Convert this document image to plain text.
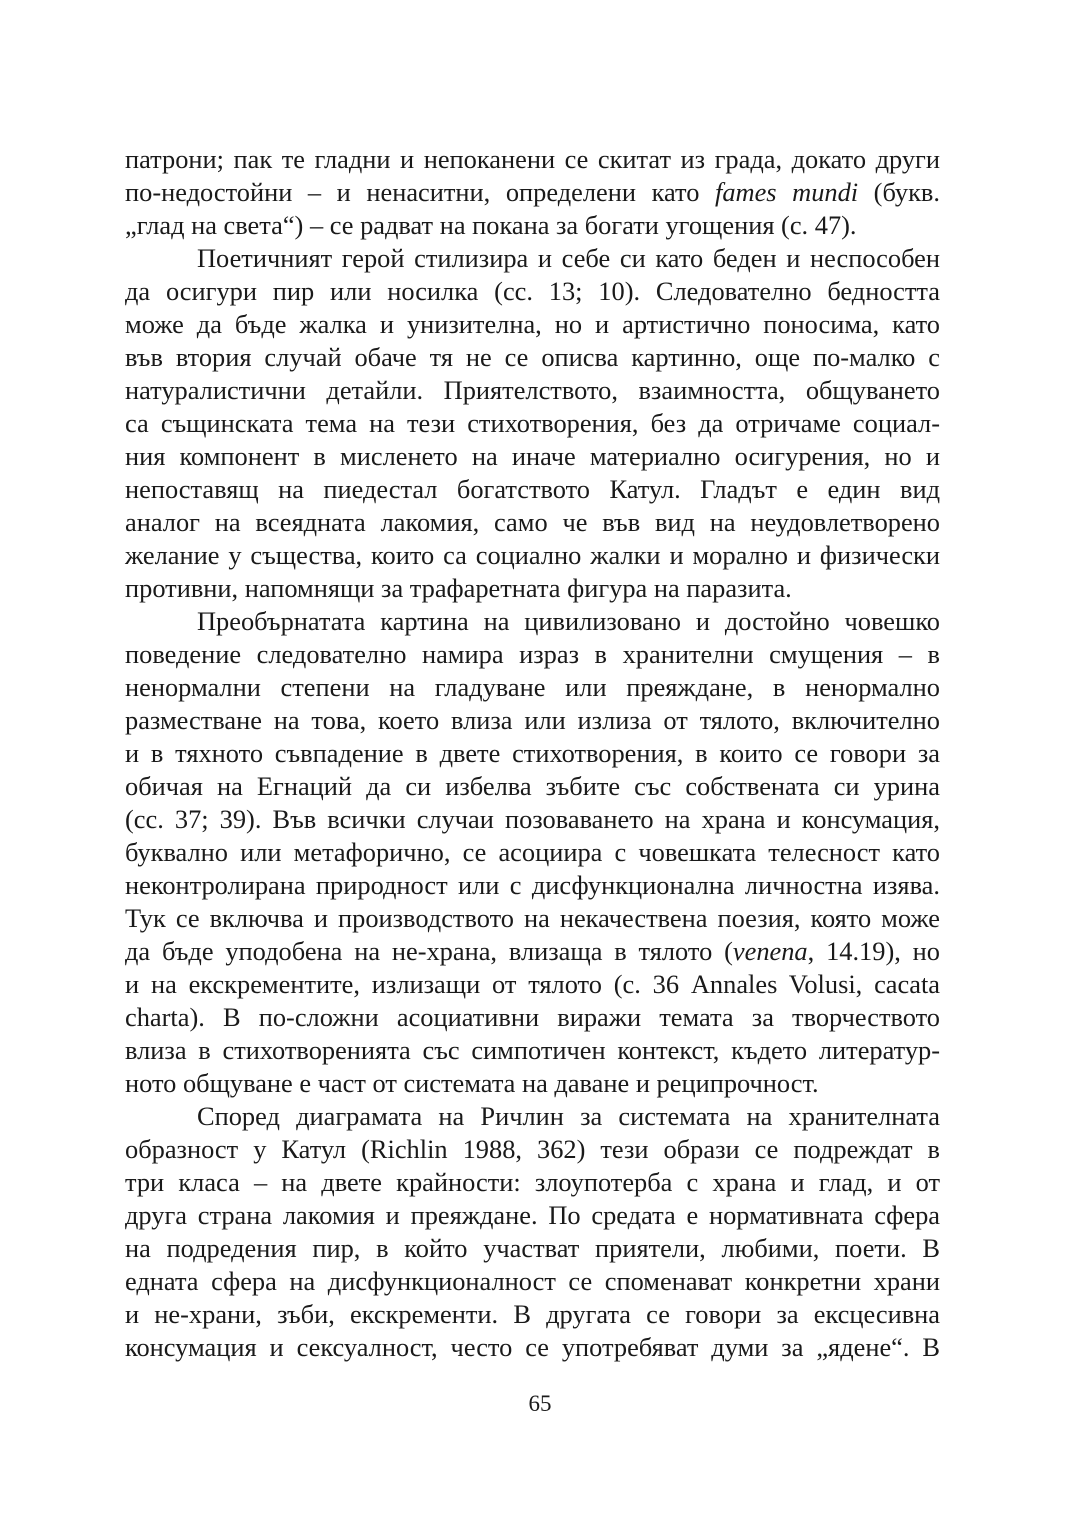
патрони; пак те гладни и непоканени се скитат из града, докато други
по-недостойни – и ненаситни, определени като fames mundi (букв.
„глад на света“) – се радват на покана за богати угощения (с. 47).
Поетичният герой стилизира и себе си като беден и неспособен
да осигури пир или носилка (сс. 13; 10). Следователно бедността
може да бъде жалка и унизителна, но и артистично поносима, като
във втория случай обаче тя не се описва картинно, още по-малко с
натуралистични детайли. Приятелството, взаимността, общуването
са същинската тема на тези стихотворения, без да отричаме социал-
ния компонент в мисленето на иначе материално осигурения, но и
непоставящ на пиедестал богатството Катул. Гладът е един вид
аналог на всеядната лакомия, само че във вид на неудовлетворено
желание у същества, които са социално жалки и морално и физически
противни, напомнящи за трафаретната фигура на паразита.
Преобърнатата картина на цивилизовано и достойно човешко
поведение следователно намира израз в хранителни смущения – в
ненормални степени на гладуване или преяждане, в ненормално
разместване на това, което влиза или излиза от тялото, включително
и в тяхното съвпадение в двете стихотворения, в които се говори за
обичая на Егнаций да си избелва зъбите със собствената си урина
(сс. 37; 39). Във всички случаи позоваването на храна и консумация,
буквално или метафорично, се асоциира с човешката телесност като
неконтролирана природност или с дисфункционална личностна изява.
Тук се включва и производството на некачествена поезия, която може
да бъде уподобена на не-храна, влизаща в тялото (venena, 14.19), но
и на екскрементите, излизащи от тялото (с. 36 Annales Volusi, cacata
charta). В по-сложни асоциативни виражи темата за творчеството
влиза в стихотворенията със симпотичен контекст, където литератур-
ното общуване е част от системата на даване и реципрочност.
Според диаграмата на Ричлин за системата на хранителната
образност у Катул (Richlin 1988, 362) тези образи се подреждат в
три класа – на двете крайности: злоупотерба с храна и глад, и от
друга страна лакомия и преяждане. По средата е нормативната сфера
на подредения пир, в който участват приятели, любими, поети. В
едната сфера на дисфункционалност се споменават конкретни храни
и не-храни, зъби, екскременти. В другата се говори за ексцесивна
консумация и сексуалност, често се употребяват думи за „ядене“. В
65
